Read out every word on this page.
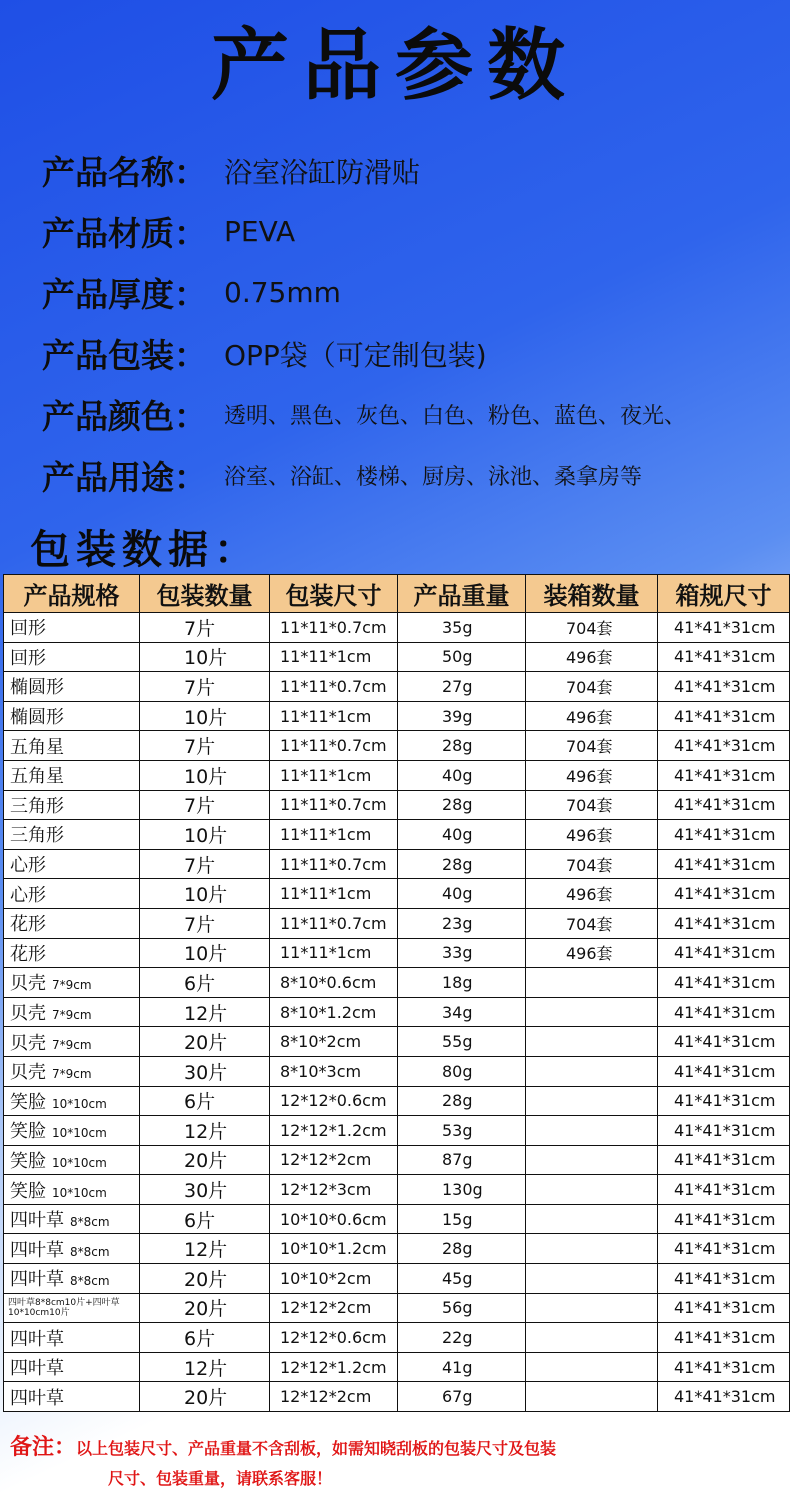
产品参数
产品名称： 浴室浴缸防滑贴
产品材质： PEVA
产品厚度： 0.75mm
产品包装： OPP袋（可定制包装)
产品颜色： 透明、黑色、灰色、白色、粉色、蓝色、夜光、
产品用途： 浴室、浴缸、楼梯、厨房、泳池、桑拿房等
包装数据：
产品规格	包装数量	包装尺寸	产品重量	装箱数量	箱规尺寸
回形	7片	11*11*0.7cm	35g	704套	41*41*31cm
回形	10片	11*11*1cm	50g	496套	41*41*31cm
椭圆形	7片	11*11*0.7cm	27g	704套	41*41*31cm
椭圆形	10片	11*11*1cm	39g	496套	41*41*31cm
五角星	7片	11*11*0.7cm	28g	704套	41*41*31cm
五角星	10片	11*11*1cm	40g	496套	41*41*31cm
三角形	7片	11*11*0.7cm	28g	704套	41*41*31cm
三角形	10片	11*11*1cm	40g	496套	41*41*31cm
心形	7片	11*11*0.7cm	28g	704套	41*41*31cm
心形	10片	11*11*1cm	40g	496套	41*41*31cm
花形	7片	11*11*0.7cm	23g	704套	41*41*31cm
花形	10片	11*11*1cm	33g	496套	41*41*31cm
贝壳 7*9cm	6片	8*10*0.6cm	18g		41*41*31cm
贝壳 7*9cm	12片	8*10*1.2cm	34g		41*41*31cm
贝壳 7*9cm	20片	8*10*2cm	55g		41*41*31cm
贝壳 7*9cm	30片	8*10*3cm	80g		41*41*31cm
笑脸 10*10cm	6片	12*12*0.6cm	28g		41*41*31cm
笑脸 10*10cm	12片	12*12*1.2cm	53g		41*41*31cm
笑脸 10*10cm	20片	12*12*2cm	87g		41*41*31cm
笑脸 10*10cm	30片	12*12*3cm	130g		41*41*31cm
四叶草 8*8cm	6片	10*10*0.6cm	15g		41*41*31cm
四叶草 8*8cm	12片	10*10*1.2cm	28g		41*41*31cm
四叶草 8*8cm	20片	10*10*2cm	45g		41*41*31cm
四叶草8*8cm10片+四叶草10*10cm10片	20片	12*12*2cm	56g		41*41*31cm
四叶草	6片	12*12*0.6cm	22g		41*41*31cm
四叶草	12片	12*12*1.2cm	41g		41*41*31cm
四叶草	20片	12*12*2cm	67g		41*41*31cm
备注：以上包装尺寸、产品重量不含刮板，如需知晓刮板的包装尺寸及包装
尺寸、包装重量，请联系客服！
